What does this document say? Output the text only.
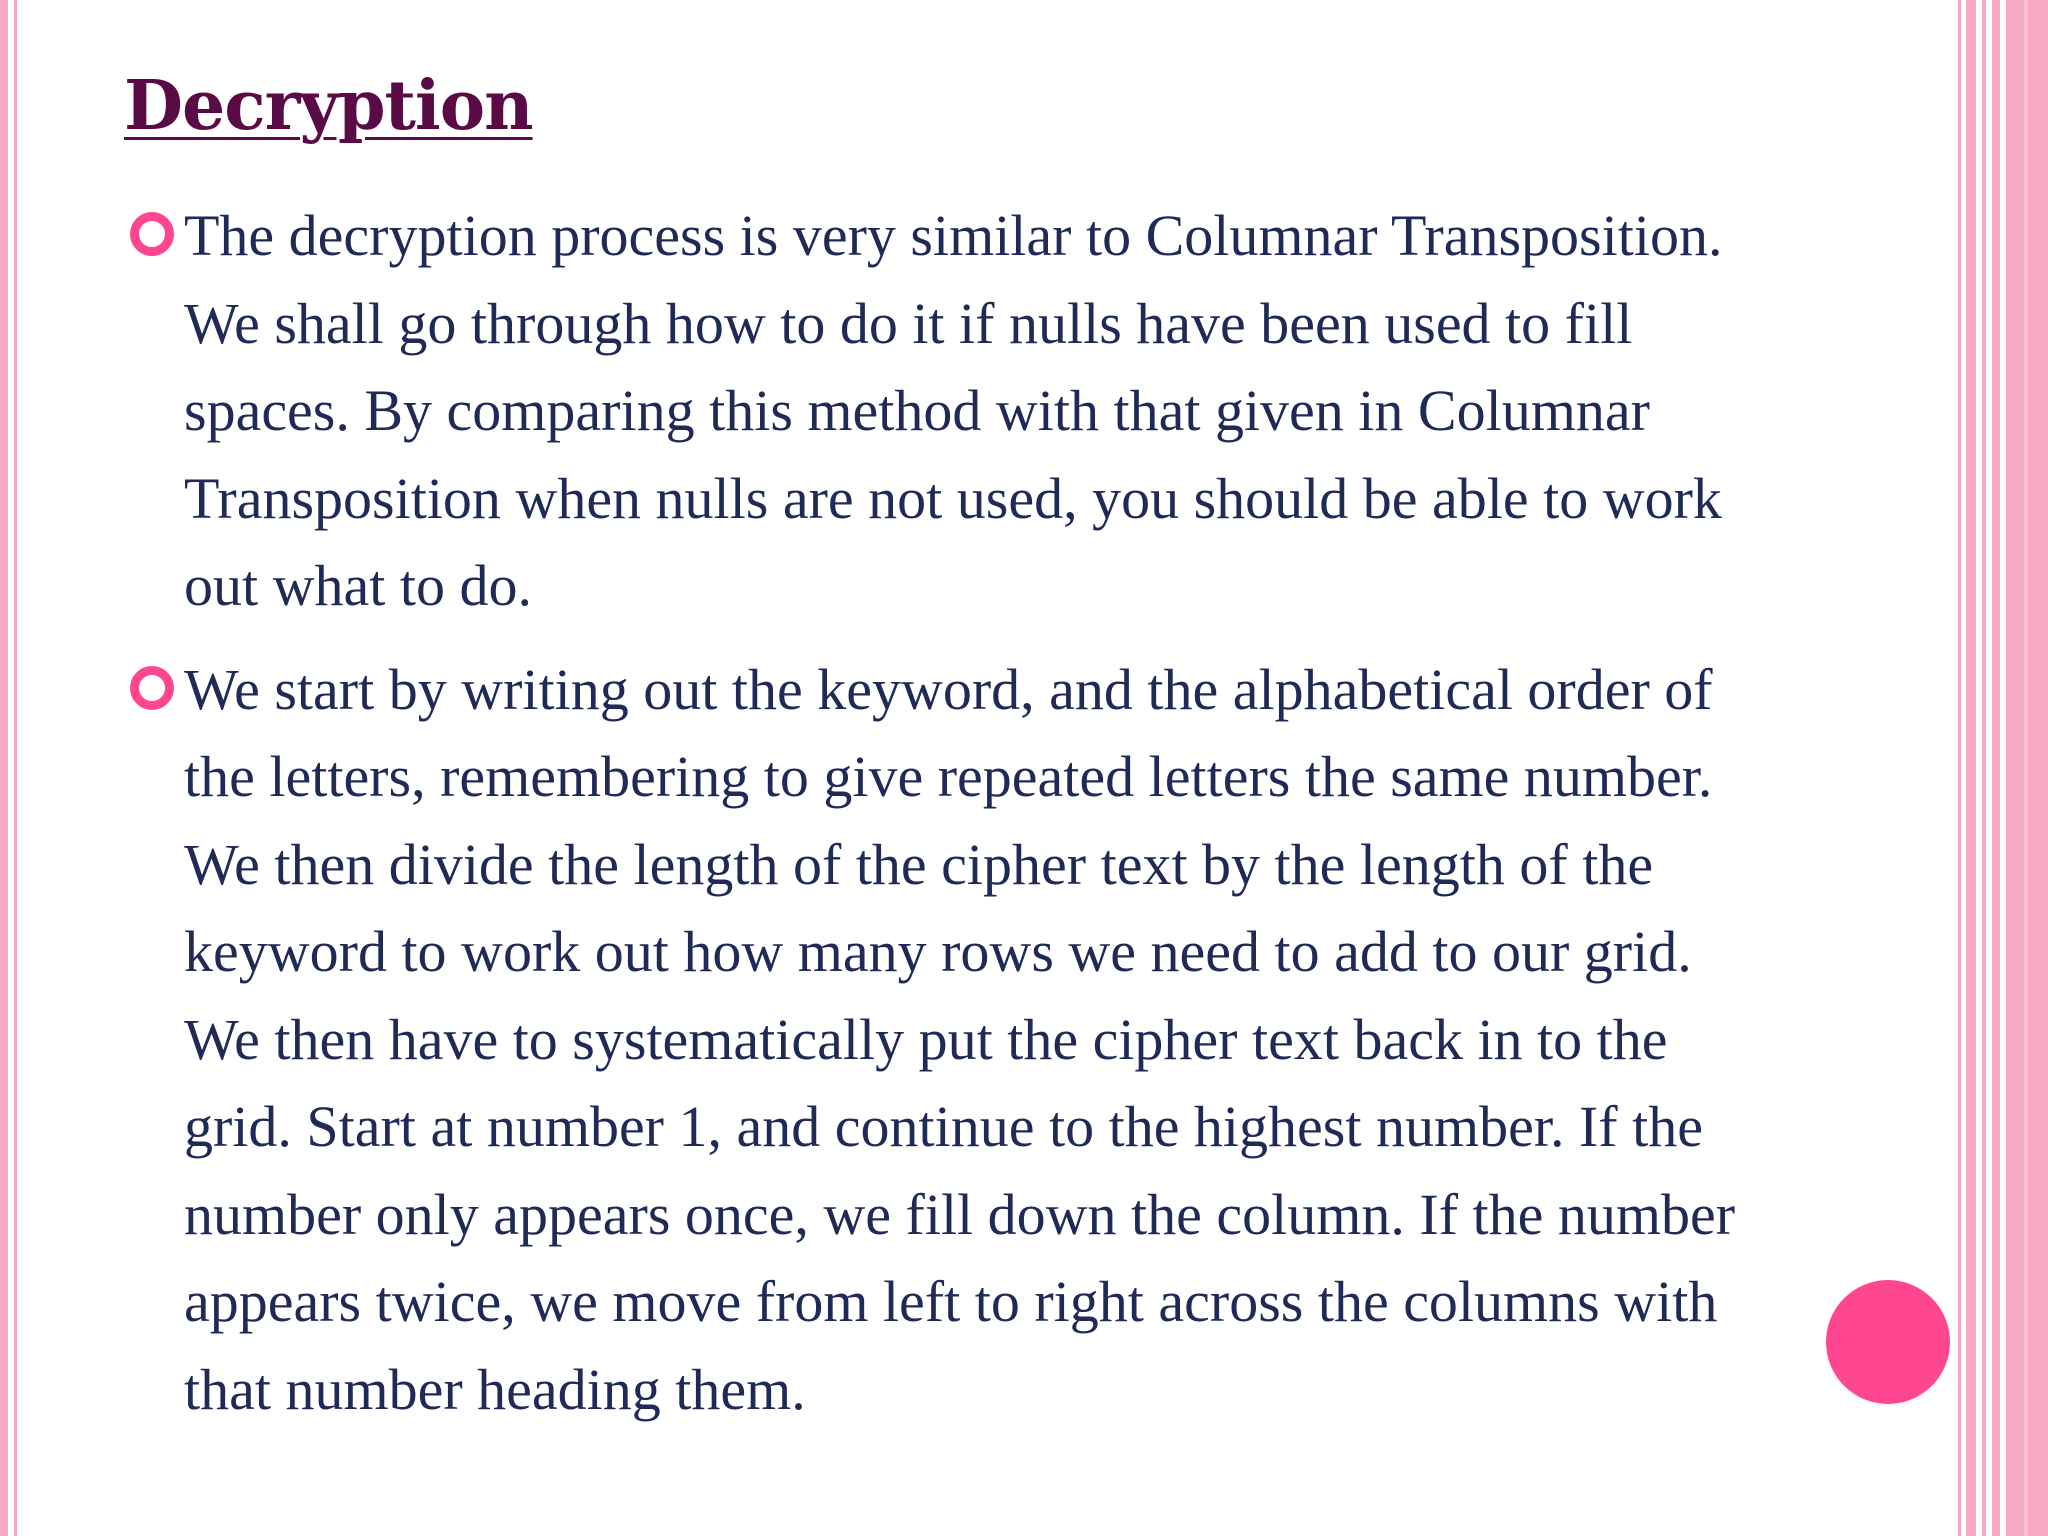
Decryption
The decryption process is very similar to Columnar Transposition. We shall go through how to do it if nulls have been used to fill spaces. By comparing this method with that given in Columnar Transposition when nulls are not used, you should be able to work out what to do.
We start by writing out the keyword, and the alphabetical order of the letters, remembering to give repeated letters the same number. We then divide the length of the cipher text by the length of the keyword to work out how many rows we need to add to our grid. We then have to systematically put the cipher text back in to the grid. Start at number 1, and continue to the highest number. If the number only appears once, we fill down the column. If the number appears twice, we move from left to right across the columns with that number heading them.
